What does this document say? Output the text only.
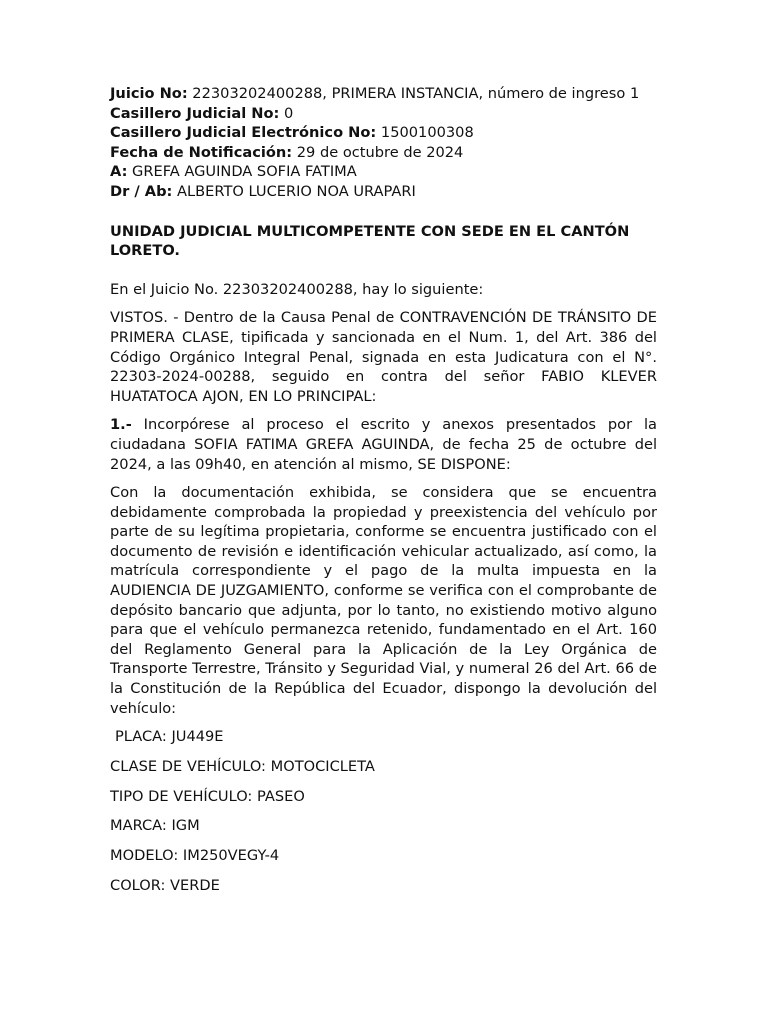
Juicio No: 22303202400288, PRIMERA INSTANCIA, número de ingreso 1

Casillero Judicial No: 0

Casillero Judicial Electrónico No: 1500100308

Fecha de Notificación: 29 de octubre de 2024

A: GREFA AGUINDA SOFIA FATIMA

Dr / Ab: ALBERTO LUCERIO NOA URAPARI

UNIDAD JUDICIAL MULTICOMPETENTE CON SEDE EN EL CANTÓN LORETO.

En el Juicio No. 22303202400288, hay lo siguiente:

VISTOS. - Dentro de la Causa Penal de CONTRAVENCIÓN DE TRÁNSITO DE PRIMERA CLASE, tipificada y sancionada en el Num. 1, del Art. 386 del Código Orgánico Integral Penal, signada en esta Judicatura con el N°. 22303-2024-00288, seguido en contra del señor FABIO KLEVER HUATATOCA AJON, EN LO PRINCIPAL:

1.- Incorpórese al proceso el escrito y anexos presentados por la ciudadana SOFIA FATIMA GREFA AGUINDA, de fecha 25 de octubre del 2024, a las 09h40, en atención al mismo, SE DISPONE:

Con la documentación exhibida, se considera que se encuentra debidamente comprobada la propiedad y preexistencia del vehículo por parte de su legítima propietaria, conforme se encuentra justificado con el documento de revisión e identificación vehicular actualizado, así como, la matrícula correspondiente y el pago de la multa impuesta en la AUDIENCIA DE JUZGAMIENTO, conforme se verifica con el comprobante de depósito bancario que adjunta, por lo tanto, no existiendo motivo alguno para que el vehículo permanezca retenido, fundamentado en el Art. 160 del Reglamento General para la Aplicación de la Ley Orgánica de Transporte Terrestre, Tránsito y Seguridad Vial, y numeral 26 del Art. 66 de la Constitución de la República del Ecuador, dispongo la devolución del vehículo:

PLACA: JU449E

CLASE DE VEHÍCULO: MOTOCICLETA

TIPO DE VEHÍCULO: PASEO

MARCA: IGM

MODELO: IM250VEGY-4

COLOR: VERDE
